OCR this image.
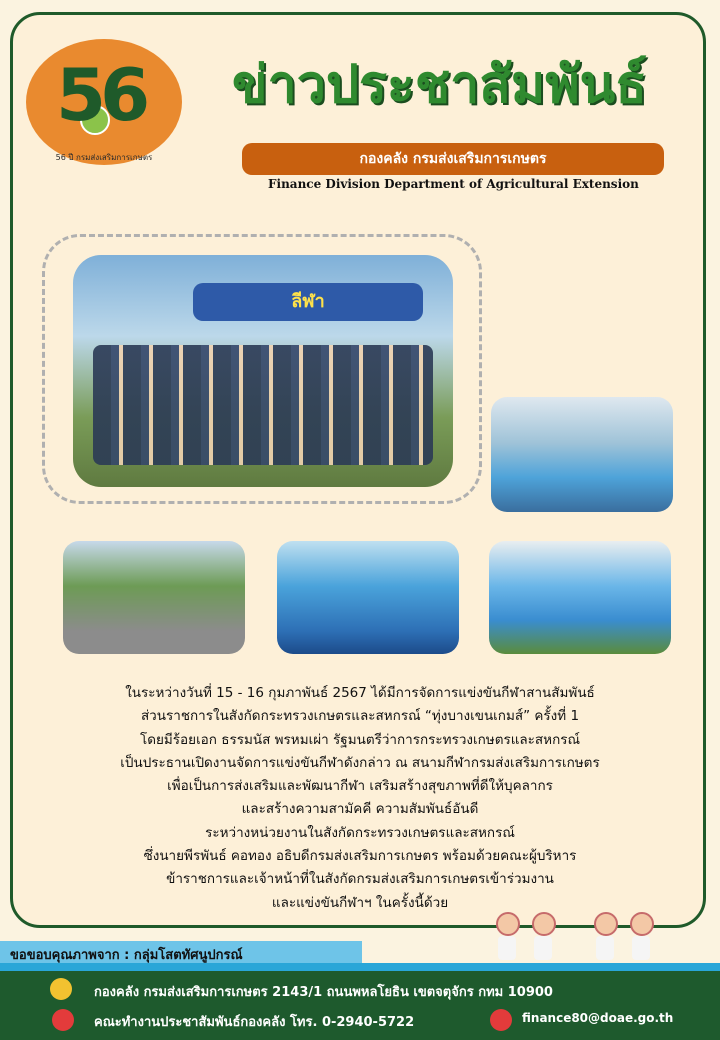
56
56 ปี กรมส่งเสริมการเกษตร
ข่าวประชาสัมพันธ์
กองคลัง กรมส่งเสริมการเกษตร
Finance Division Department of Agricultural Extension
ลีฬา
ในระหว่างวันที่ 15 - 16 กุมภาพันธ์ 2567 ได้มีการจัดการแข่งขันกีฬาสานสัมพันธ์
ส่วนราชการในสังกัดกระทรวงเกษตรและสหกรณ์ “ทุ่งบางเขนเกมส์” ครั้งที่ 1
โดยมีร้อยเอก ธรรมนัส พรหมเผ่า รัฐมนตรีว่าการกระทรวงเกษตรและสหกรณ์
เป็นประธานเปิดงานจัดการแข่งขันกีฬาดังกล่าว ณ สนามกีฬากรมส่งเสริมการเกษตร
เพื่อเป็นการส่งเสริมและพัฒนากีฬา เสริมสร้างสุขภาพที่ดีให้บุคลากร
และสร้างความสามัคคี ความสัมพันธ์อันดี
ระหว่างหน่วยงานในสังกัดกระทรวงเกษตรและสหกรณ์
ซึ่งนายพีรพันธ์ คอทอง อธิบดีกรมส่งเสริมการเกษตร พร้อมด้วยคณะผู้บริหาร
ข้าราชการและเจ้าหน้าที่ในสังกัดกรมส่งเสริมการเกษตรเข้าร่วมงาน
และแข่งขันกีฬาฯ ในครั้งนี้ด้วย
ขอขอบคุณภาพจาก : กลุ่มโสตทัศนูปกรณ์
กองคลัง กรมส่งเสริมการเกษตร 2143/1 ถนนพหลโยธิน เขตจตุจักร กทม 10900
คณะทำงานประชาสัมพันธ์กองคลัง โทร. 0-2940-5722	finance80@doae.go.th
